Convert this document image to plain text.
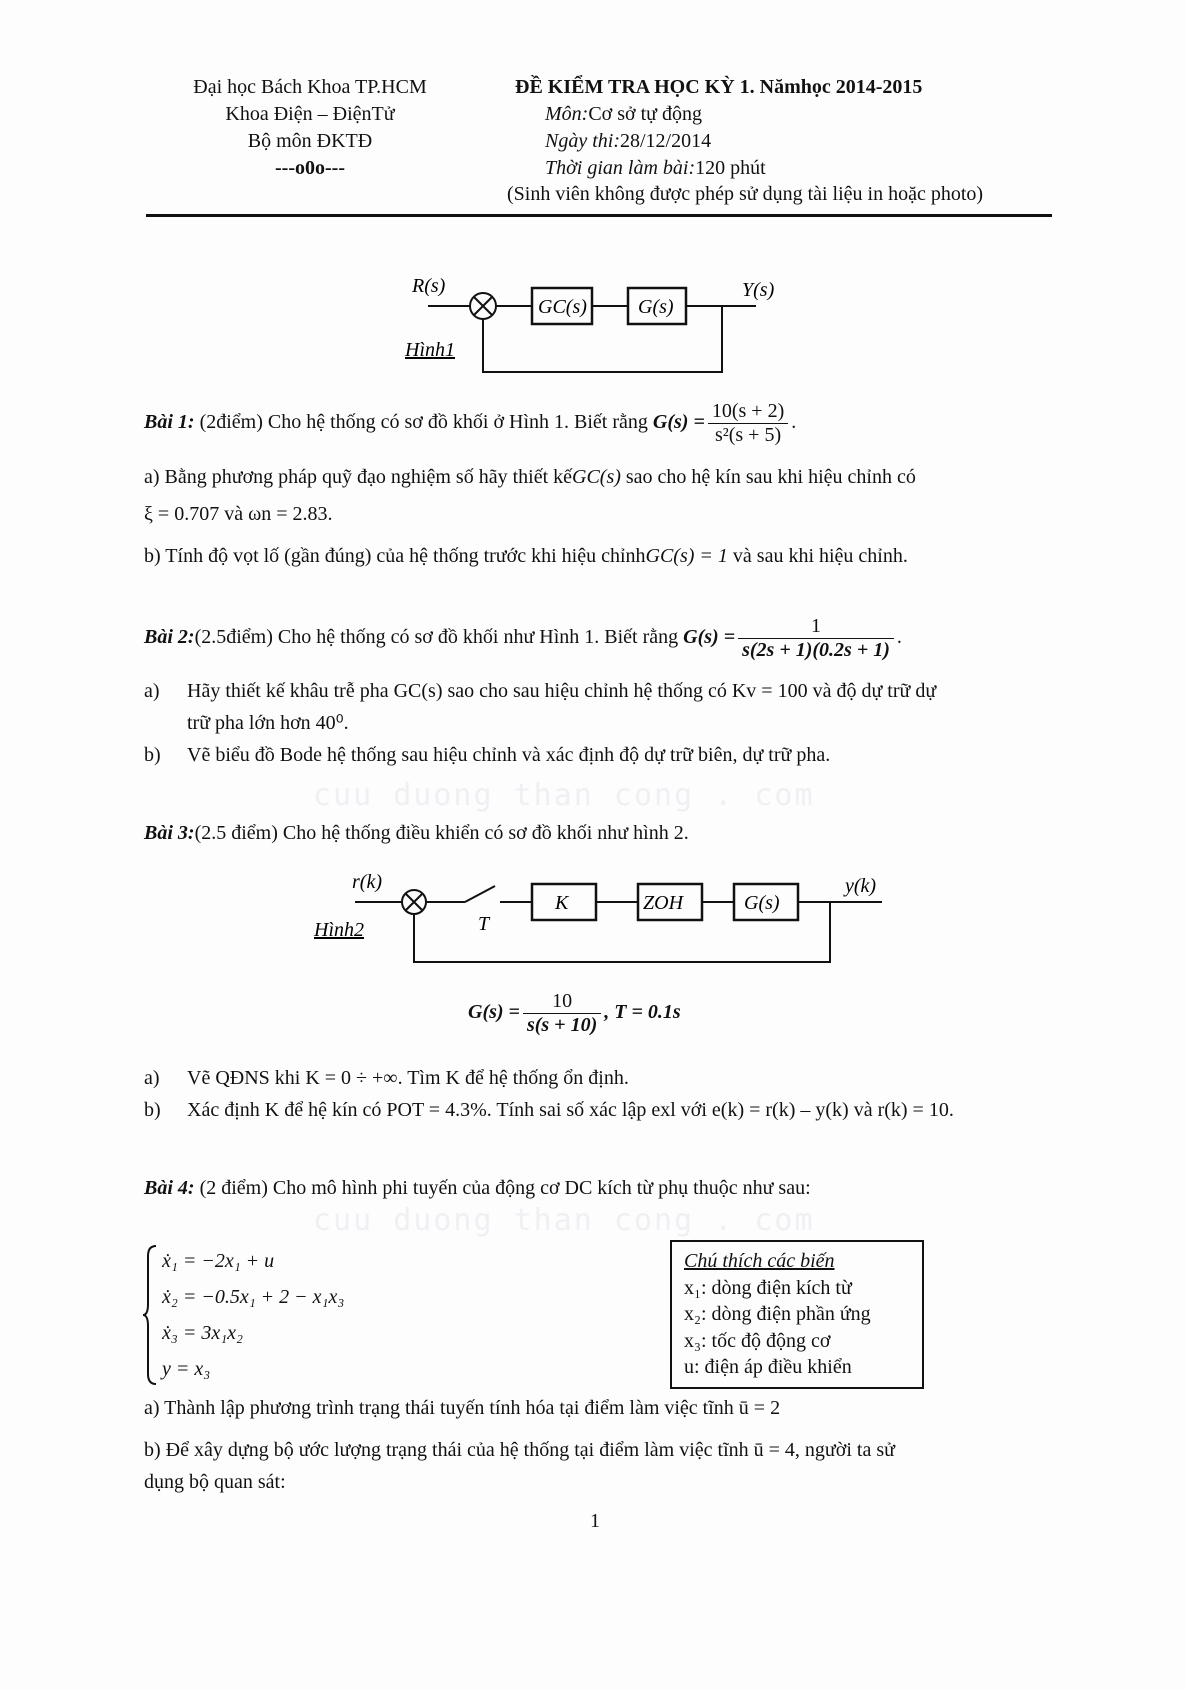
cuu duong than cong . com
cuu duong than cong . com
Đại học Bách Khoa TP.HCM
Khoa Điện – ĐiệnTử
Bộ môn ĐKTĐ
---o0o---
ĐỀ KIỂM TRA HỌC KỲ 1. Nămhọc 2014-2015
Môn:Cơ sở tự động
Ngày thi:28/12/2014
Thời gian làm bài:120 phút
(Sinh viên không được phép sử dụng tài liệu in hoặc photo)
R(s)
GC(s)	G(s)
Y(s)
Hình1
Bài 1: (2điểm) Cho hệ thống có sơ đồ khối ở Hình 1. Biết rằng $G(s) = \frac{10(s + 2)}{\text{s²(s + 5)}}$ .
a) Bằng phương pháp quỹ đạo nghiệm số hãy thiết kếGC(s) sao cho hệ kín sau khi hiệu chỉnh có
ξ = 0.707 và ωn = 2.83.
b) Tính độ vọt lố (gần đúng) của hệ thống trước khi hiệu chỉnhGC(s) = 1 và sau khi hiệu chỉnh.
Bài 2:(2.5điểm) Cho hệ thống có sơ đồ khối như Hình 1. Biết rằng $G(s) = \frac{1}{s(2s + 1)(0.2s + 1)}$ .
a) Hãy thiết kế khâu trễ pha GC(s) sao cho sau hiệu chỉnh hệ thống có Kv = 100 và độ dự trữ dự
trữ pha lớn hơn 40⁰.
b) Vẽ biểu đồ Bode hệ thống sau hiệu chỉnh và xác định độ dự trữ biên, dự trữ pha.
Bài 3:(2.5 điểm) Cho hệ thống điều khiển có sơ đồ khối như hình 2.
r(k)
T
K	ZOH	G(s)
y(k)
Hình2
$G(s) = \frac{10}{s(s + 10)}$ , T = 0.1s
a) Vẽ QĐNS khi K = 0 ÷ +∞. Tìm K để hệ thống ổn định.
b) Xác định K để hệ kín có POT = 4.3%. Tính sai số xác lập exl với e(k) = r(k) – y(k) và r(k) = 10.
Bài 4: (2 điểm) Cho mô hình phi tuyến của động cơ DC kích từ phụ thuộc như sau:
ẋ₁ = −2x₁ + u
ẋ₂ = −0.5x₁ + 2 − x₁x₃
ẋ₃ = 3x₁x₂
y = x₃
Chú thích các biến
x₁: dòng điện kích từ
x₂: dòng điện phần ứng
x₃: tốc độ động cơ
u: điện áp điều khiển
a) Thành lập phương trình trạng thái tuyến tính hóa tại điểm làm việc tĩnh ū = 2
b) Để xây dựng bộ ước lượng trạng thái của hệ thống tại điểm làm việc tĩnh ū = 4, người ta sử
dụng bộ quan sát:
1
